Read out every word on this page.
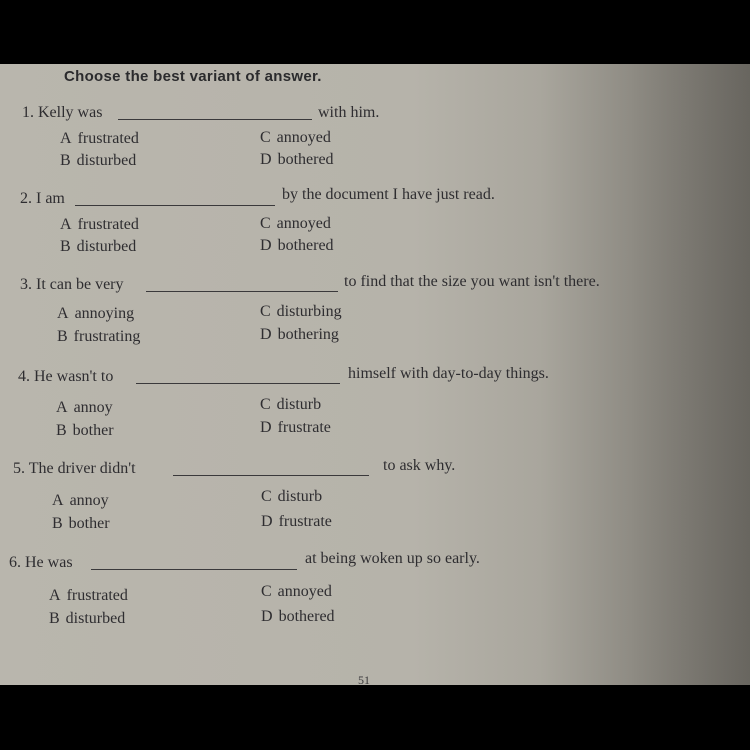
Choose the best variant of answer.
1. Kelly was	with him.
A frustrated
B disturbed
C annoyed
D bothered
2. I am	by the document I have just read.
A frustrated
B disturbed
C annoyed
D bothered
3. It can be very	to find that the size you want isn't there.
A annoying
B frustrating
C disturbing
D bothering
4. He wasn't to	himself with day-to-day things.
A annoy
B bother
C disturb
D frustrate
5. The driver didn't	to ask why.
A annoy
B bother
C disturb
D frustrate
6. He was	at being woken up so early.
A frustrated
B disturbed
C annoyed
D bothered
51
